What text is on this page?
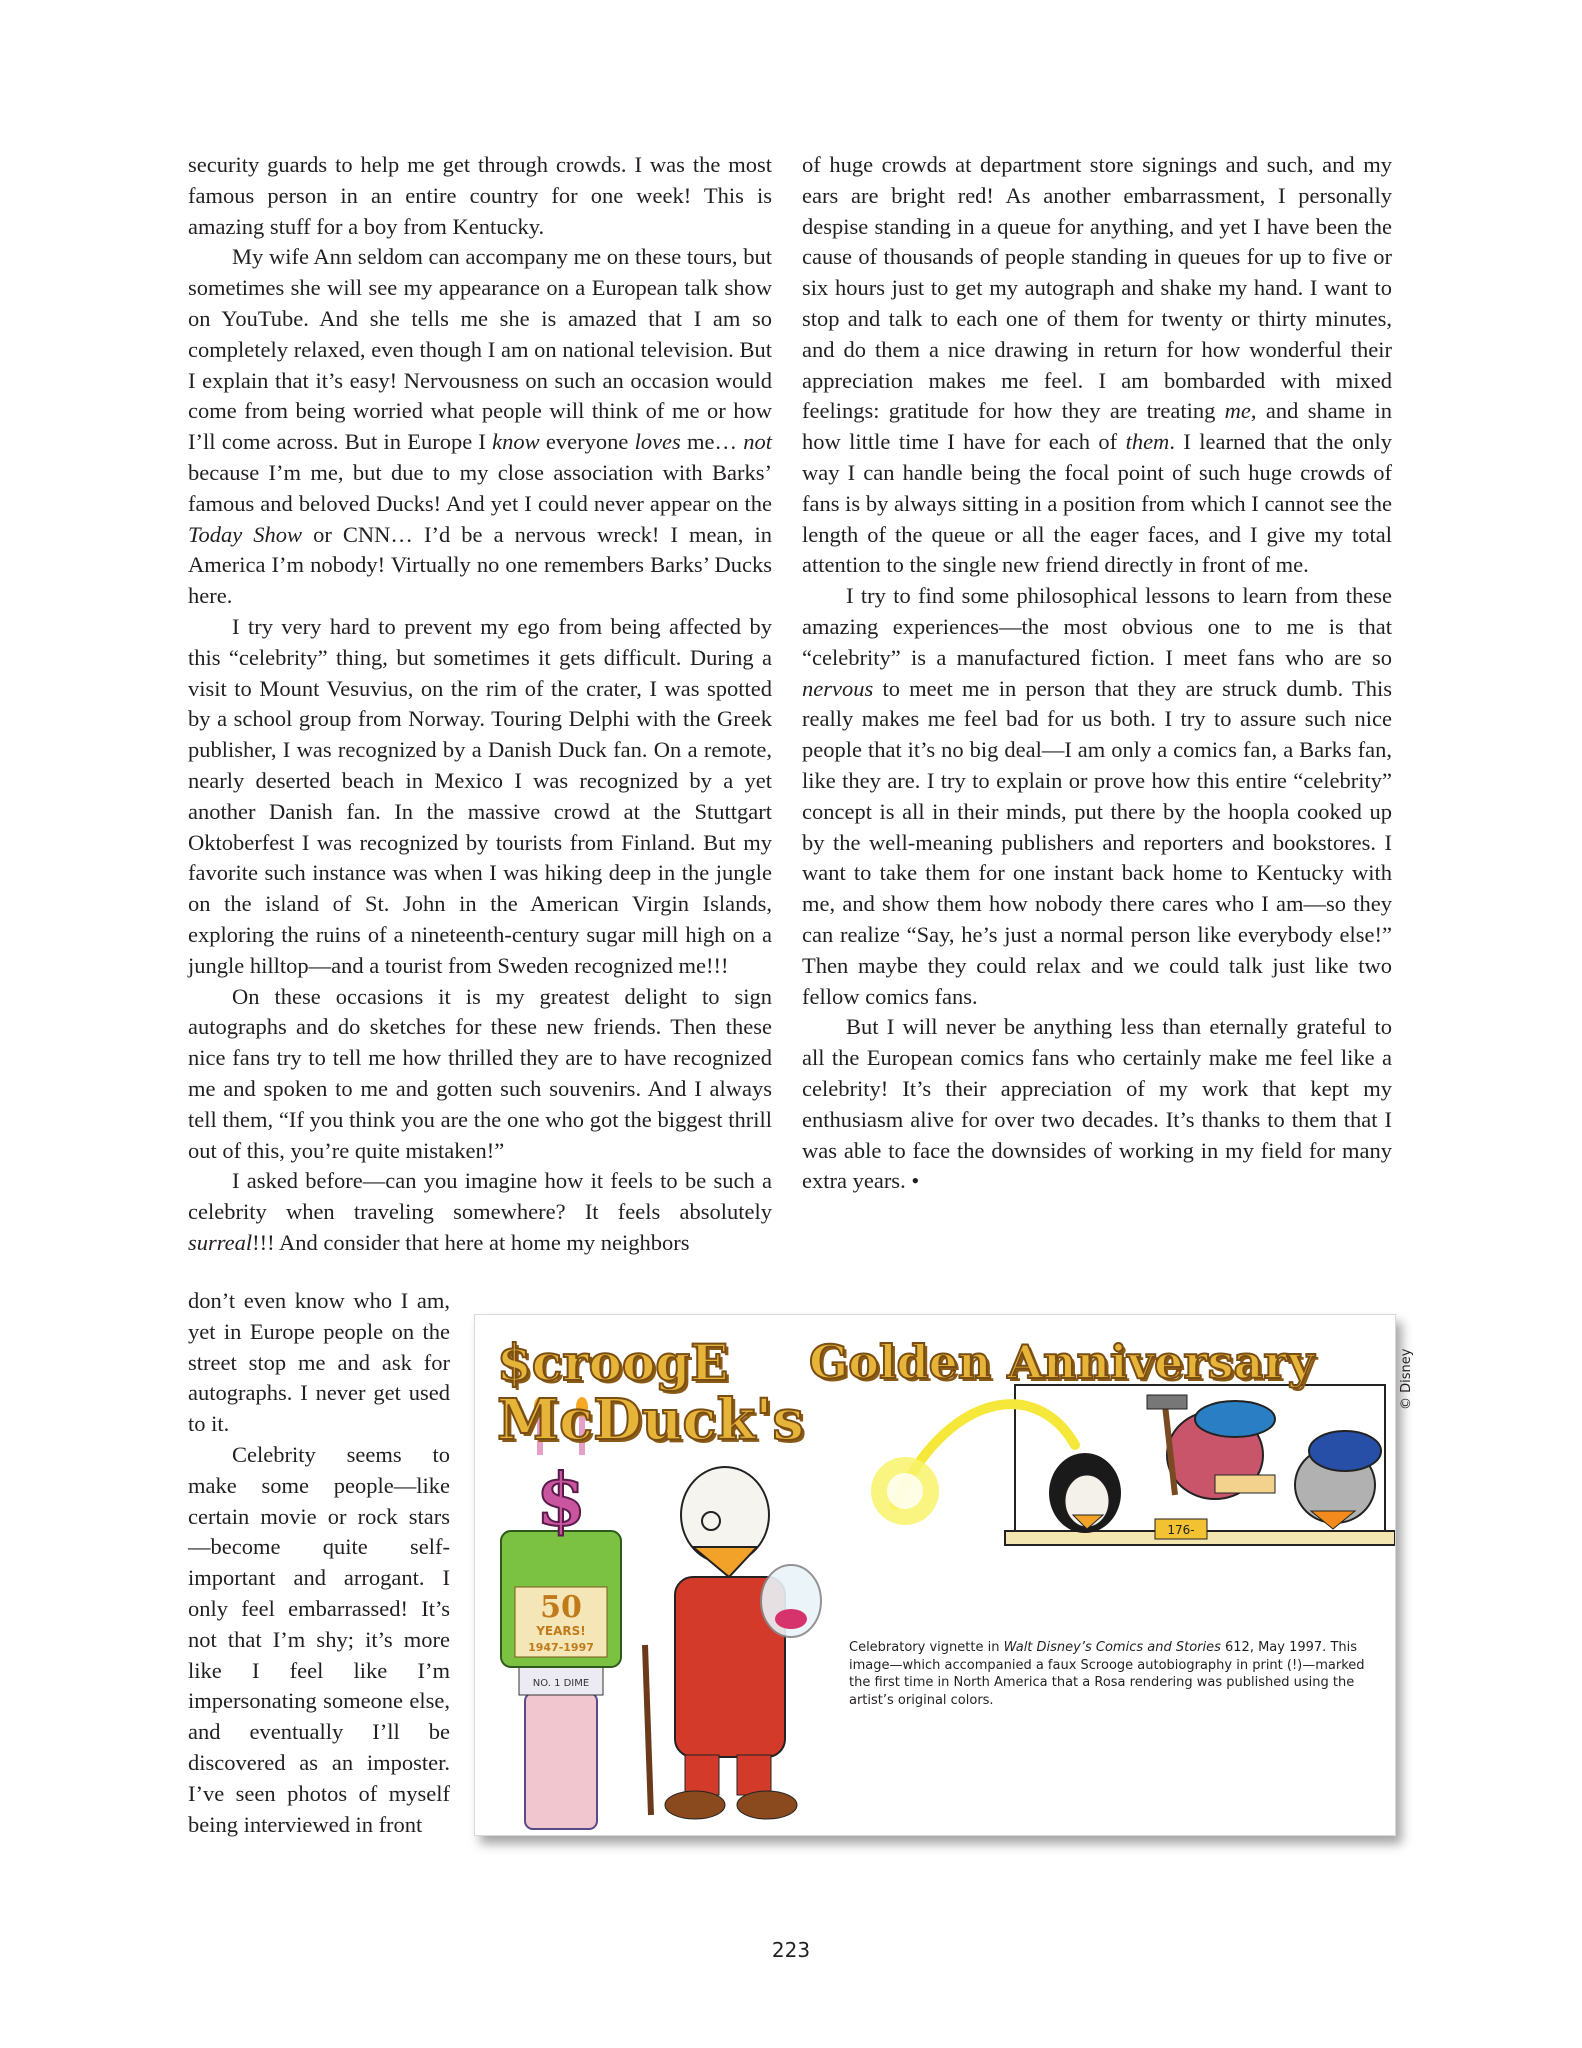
security guards to help me get through crowds. I was the most famous person in an entire country for one week! This is amazing stuff for a boy from Kentucky.

My wife Ann seldom can accompany me on these tours, but sometimes she will see my appearance on a European talk show on YouTube. And she tells me she is amazed that I am so completely relaxed, even though I am on national television. But I explain that it’s easy! Nervousness on such an occasion would come from being worried what people will think of me or how I’ll come across. But in Europe I know everyone loves me… not because I’m me, but due to my close association with Barks’ famous and beloved Ducks! And yet I could never appear on the Today Show or CNN… I’d be a nervous wreck! I mean, in America I’m nobody! Virtually no one remembers Barks’ Ducks here.

I try very hard to prevent my ego from being affected by this “celebrity” thing, but sometimes it gets difficult. During a visit to Mount Vesuvius, on the rim of the crater, I was spotted by a school group from Norway. Touring Delphi with the Greek publisher, I was recognized by a Danish Duck fan. On a remote, nearly deserted beach in Mexico I was recognized by a yet another Danish fan. In the massive crowd at the Stuttgart Oktoberfest I was recognized by tourists from Finland. But my favorite such instance was when I was hiking deep in the jungle on the island of St. John in the American Virgin Islands, exploring the ruins of a nineteenth-century sugar mill high on a jungle hilltop—and a tourist from Sweden recognized me!!!

On these occasions it is my greatest delight to sign autographs and do sketches for these new friends. Then these nice fans try to tell me how thrilled they are to have recognized me and spoken to me and gotten such souvenirs. And I always tell them, “If you think you are the one who got the biggest thrill out of this, you’re quite mistaken!”

I asked before—can you imagine how it feels to be such a celebrity when traveling somewhere? It feels absolutely surreal!!! And consider that here at home my neighbors

don’t even know who I am, yet in Europe people on the street stop me and ask for autographs. I never get used to it.

Celebrity seems to make some people—like certain movie or rock stars—become quite self-important and arrogant. I only feel embarrassed! It’s not that I’m shy; it’s more like I feel like I’m impersonating someone else, and eventually I’ll be discovered as an imposter. I’ve seen photos of myself being interviewed in front

of huge crowds at department store signings and such, and my ears are bright red! As another embarrassment, I personally despise standing in a queue for anything, and yet I have been the cause of thousands of people standing in queues for up to five or six hours just to get my autograph and shake my hand. I want to stop and talk to each one of them for twenty or thirty minutes, and do them a nice drawing in return for how wonderful their appreciation makes me feel. I am bombarded with mixed feelings: gratitude for how they are treating me, and shame in how little time I have for each of them. I learned that the only way I can handle being the focal point of such huge crowds of fans is by always sitting in a position from which I cannot see the length of the queue or all the eager faces, and I give my total attention to the single new friend directly in front of me.

I try to find some philosophical lessons to learn from these amazing experiences—the most obvious one to me is that “celebrity” is a manufactured fiction. I meet fans who are so nervous to meet me in person that they are struck dumb. This really makes me feel bad for us both. I try to assure such nice people that it’s no big deal—I am only a comics fan, a Barks fan, like they are. I try to explain or prove how this entire “celebrity” concept is all in their minds, put there by the hoopla cooked up by the well-meaning publishers and reporters and bookstores. I want to take them for one instant back home to Kentucky with me, and show them how nobody there cares who I am—so they can realize “Say, he’s just a normal person like everybody else!” Then maybe they could relax and we could talk just like two fellow comics fans.

But I will never be anything less than eternally grateful to all the European comics fans who certainly make me feel like a celebrity! It’s their appreciation of my work that kept my enthusiasm alive for over two decades. It’s thanks to them that I was able to face the downsides of working in my field for many extra years. •

176-
NO. 1 DIME
50
YEARS!
1947-1997
$
$croogE Golden Anniversary
McDuck's
Celebratory vignette in Walt Disney’s Comics and Stories 612, May 1997. This image—which accompanied a faux Scrooge autobiography in print (!)—marked the first time in North America that a Rosa rendering was published using the artist’s original colors.
© Disney
223
